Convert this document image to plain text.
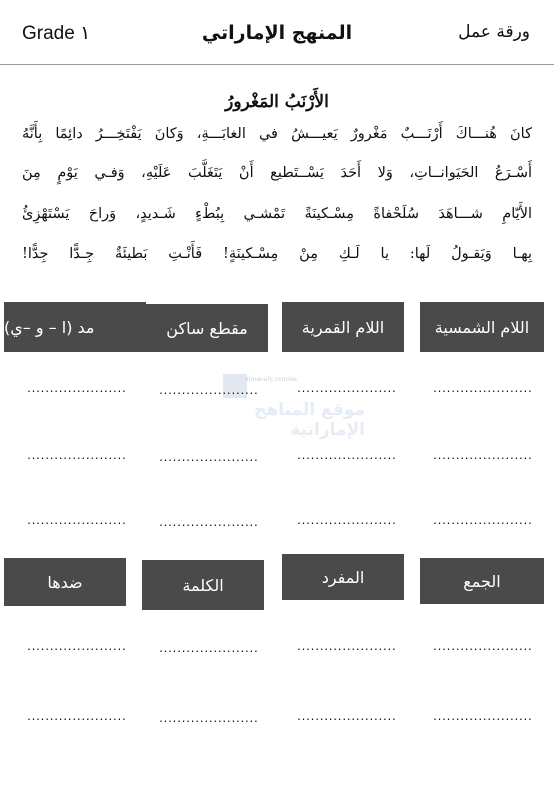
Grade ١	المنهج الإماراتي	ورقة عمل
الأَرْنَبُ المَغْرورُ
كانَ هُنـــاكَ أَرْنَـــبٌ مَغْرورٌ يَعيـــشُ في الغابَـــةِ، وَكانَ يَفْتَخِـــرُ دائِمًا بِأَنَّهُ
أَسْـرَعُ الحَيَوانــاتِ، وَلا أَحَدَ يَسْــتَطيع أَنْ يَتَغَلَّبَ عَلَيْهِ، وَفـي يَوْمٍ مِنَ
الأَيّامِ شـــاهَدَ سُلَحْفاةً مِسْـكينَةً تَمْشـي بِبُطْءٍ شَـديدٍ، وَراحَ يَسْتَهْزِئُ
بِهـا وَيَقـولُ لَها: يا لَـكِ مِنْ مِسْـكينَةٍ! فَأَنْـتِ بَطيئَةٌ جِـدًّا جِدًّا!
almanahj.com/ae
موقع المناهج الإماراتية
اللام الشمسية
اللام القمرية
مقطع ساكن
مد (ا – و –ي)
......................
......................
......................
......................
......................
......................
......................
......................
......................
......................
......................
......................
الجمع
المفرد
الكلمة
ضدها
......................
......................
......................
......................
......................
......................
......................
......................
